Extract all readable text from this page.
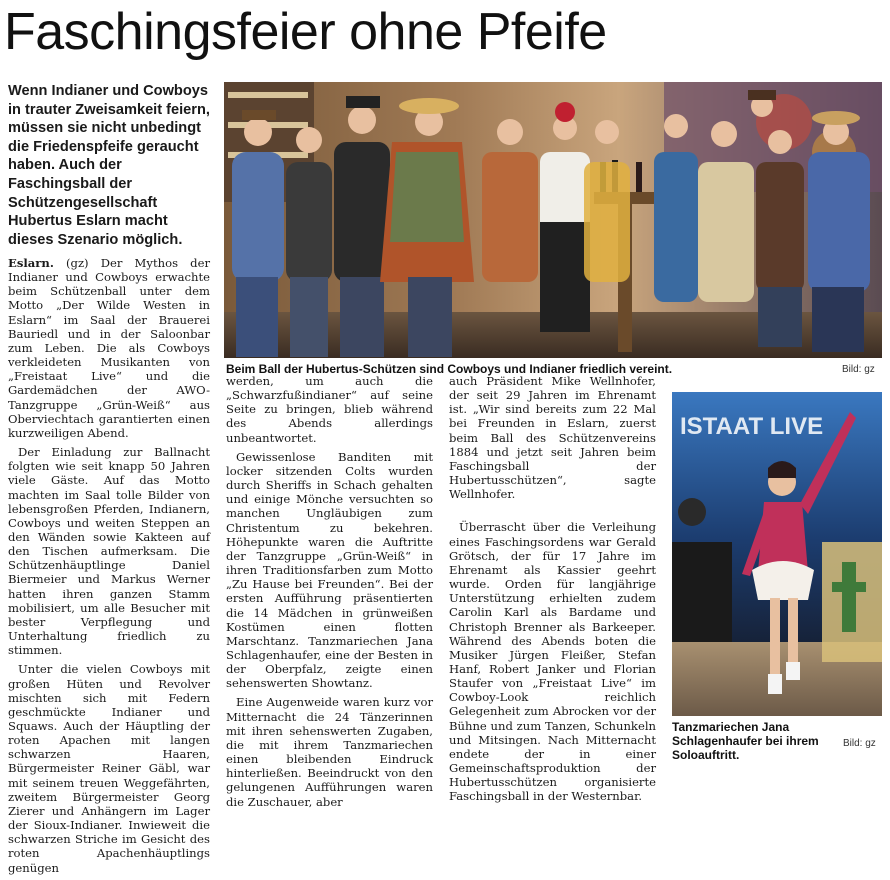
Faschingsfeier ohne Pfeife
Wenn Indianer und Cowboys in trauter Zweisamkeit feiern, müssen sie nicht unbedingt die Friedenspfeife geraucht haben. Auch der Faschingsball der Schützengesellschaft Hubertus Eslarn macht dieses Szenario möglich.

Eslarn. (gz) Der Mythos der Indianer und Cowboys erwachte beim Schützenball unter dem Motto „Der Wilde Westen in Eslarn“ im Saal der Brauerei Bauriedl und in der Saloonbar zum Leben. Die als Cowboys verkleideten Musikanten von „Freistaat Live“ und die Gardemädchen der AWO-Tanzgruppe „Grün-Weiß“ aus Oberviechtach garantierten einen kurzweiligen Abend.

Der Einladung zur Ballnacht folgten wie seit knapp 50 Jahren viele Gäste. Auf das Motto machten im Saal tolle Bilder von lebensgroßen Pferden, Indianern, Cowboys und weiten Steppen an den Wänden sowie Kakteen auf den Tischen aufmerksam. Die Schützenhäuptlinge Daniel Biermeier und Markus Werner hatten ihren ganzen Stamm mobilisiert, um alle Besucher mit bester Verpflegung und Unterhaltung friedlich zu stimmen.

Unter die vielen Cowboys mit großen Hüten und Revolver mischten sich mit Federn geschmückte Indianer und Squaws. Auch der Häuptling der roten Apachen mit langen schwarzen Haaren, Bürgermeister Reiner Gäbl, war mit seinem treuen Weggefährten, zweitem Bürgermeister Georg Zierer und Anhängern im Lager der Sioux-Indianer. Inwieweit die schwarzen Striche im Gesicht des roten Apachenhäuptlings genügen

werden, um auch die „Schwarzfußindianer“ auf seine Seite zu bringen, blieb während des Abends allerdings unbeantwortet.

Gewissenlose Banditen mit locker sitzenden Colts wurden durch Sheriffs in Schach gehalten und einige Mönche versuchten so manchen Ungläubigen zum Christentum zu bekehren. Höhepunkte waren die Auftritte der Tanzgruppe „Grün-Weiß“ in ihren Traditionsfarben zum Motto „Zu Hause bei Freunden“. Bei der ersten Aufführung präsentierten die 14 Mädchen in grünweißen Kostümen einen flotten Marschtanz. Tanzmariechen Jana Schlagenhaufer, eine der Besten in der Oberpfalz, zeigte einen sehenswerten Showtanz.

Eine Augenweide waren kurz vor Mitternacht die 24 Tänzerinnen mit ihren sehenswerten Zugaben, die mit ihrem Tanzmariechen einen bleibenden Eindruck hinterließen. Beeindruckt von den gelungenen Aufführungen waren die Zuschauer, aber

auch Präsident Mike Wellnhofer, der seit 29 Jahren im Ehrenamt ist. „Wir sind bereits zum 22 Mal bei Freunden in Eslarn, zuerst beim Ball des Schützenvereins 1884 und jetzt seit Jahren beim Faschingsball der Hubertusschützen“, sagte Wellnhofer.

Überrascht über die Verleihung eines Faschingsordens war Gerald Grötsch, der für 17 Jahre im Ehrenamt als Kassier geehrt wurde. Orden für langjährige Unterstützung erhielten zudem Carolin Karl als Bardame und Christoph Brenner als Barkeeper. Während des Abends boten die Musiker Jürgen Fleißer, Stefan Hanf, Robert Janker und Florian Staufer von „Freistaat Live“ im Cowboy-Look reichlich Gelegenheit zum Abrocken vor der Bühne und zum Tanzen, Schunkeln und Mitsingen. Nach Mitternacht endete der in einer Gemeinschaftsproduktion der Hubertusschützen organisierte Faschingsball in der Westernbar.

Beim Ball der Hubertus-Schützen sind Cowboys und Indianer friedlich vereint.	Bild: gz
ISTAAT LIVE
Tanzmariechen Jana Schlagenhaufer bei ihrem Soloauftritt.
Bild: gz
